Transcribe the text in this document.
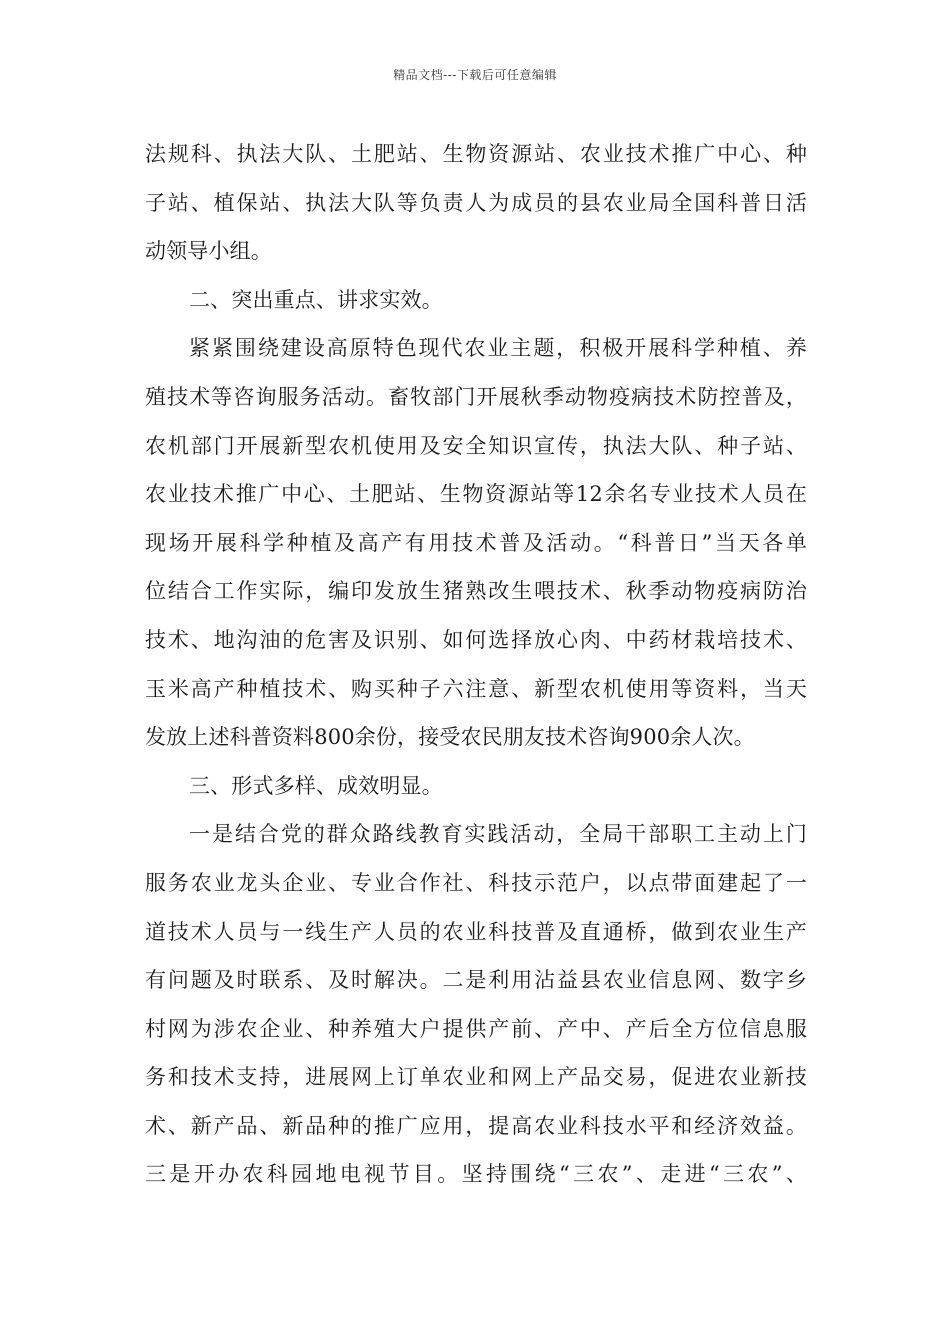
精品文档---下载后可任意编辑
法规科、执法大队、土肥站、生物资源站、农业技术推广中心、种
子站、植保站、执法大队等负责人为成员的县农业局全国科普日活
动领导小组。
二、突出重点、讲求实效。
紧紧围绕建设高原特色现代农业主题，积极开展科学种植、养
殖技术等咨询服务活动。畜牧部门开展秋季动物疫病技术防控普及，
农机部门开展新型农机使用及安全知识宣传，执法大队、种子站、
农业技术推广中心、土肥站、生物资源站等12余名专业技术人员在
现场开展科学种植及高产有用技术普及活动。“科普日”当天各单
位结合工作实际，编印发放生猪熟改生喂技术、秋季动物疫病防治
技术、地沟油的危害及识别、如何选择放心肉、中药材栽培技术、
玉米高产种植技术、购买种子六注意、新型农机使用等资料，当天
发放上述科普资料800余份，接受农民朋友技术咨询900余人次。
三、形式多样、成效明显。
一是结合党的群众路线教育实践活动，全局干部职工主动上门
服务农业龙头企业、专业合作社、科技示范户，以点带面建起了一
道技术人员与一线生产人员的农业科技普及直通桥，做到农业生产
有问题及时联系、及时解决。二是利用沾益县农业信息网、数字乡
村网为涉农企业、种养殖大户提供产前、产中、产后全方位信息服
务和技术支持，进展网上订单农业和网上产品交易，促进农业新技
术、新产品、新品种的推广应用，提高农业科技水平和经济效益。
三是开办农科园地电视节目。坚持围绕“三农”、走进“三农”、
